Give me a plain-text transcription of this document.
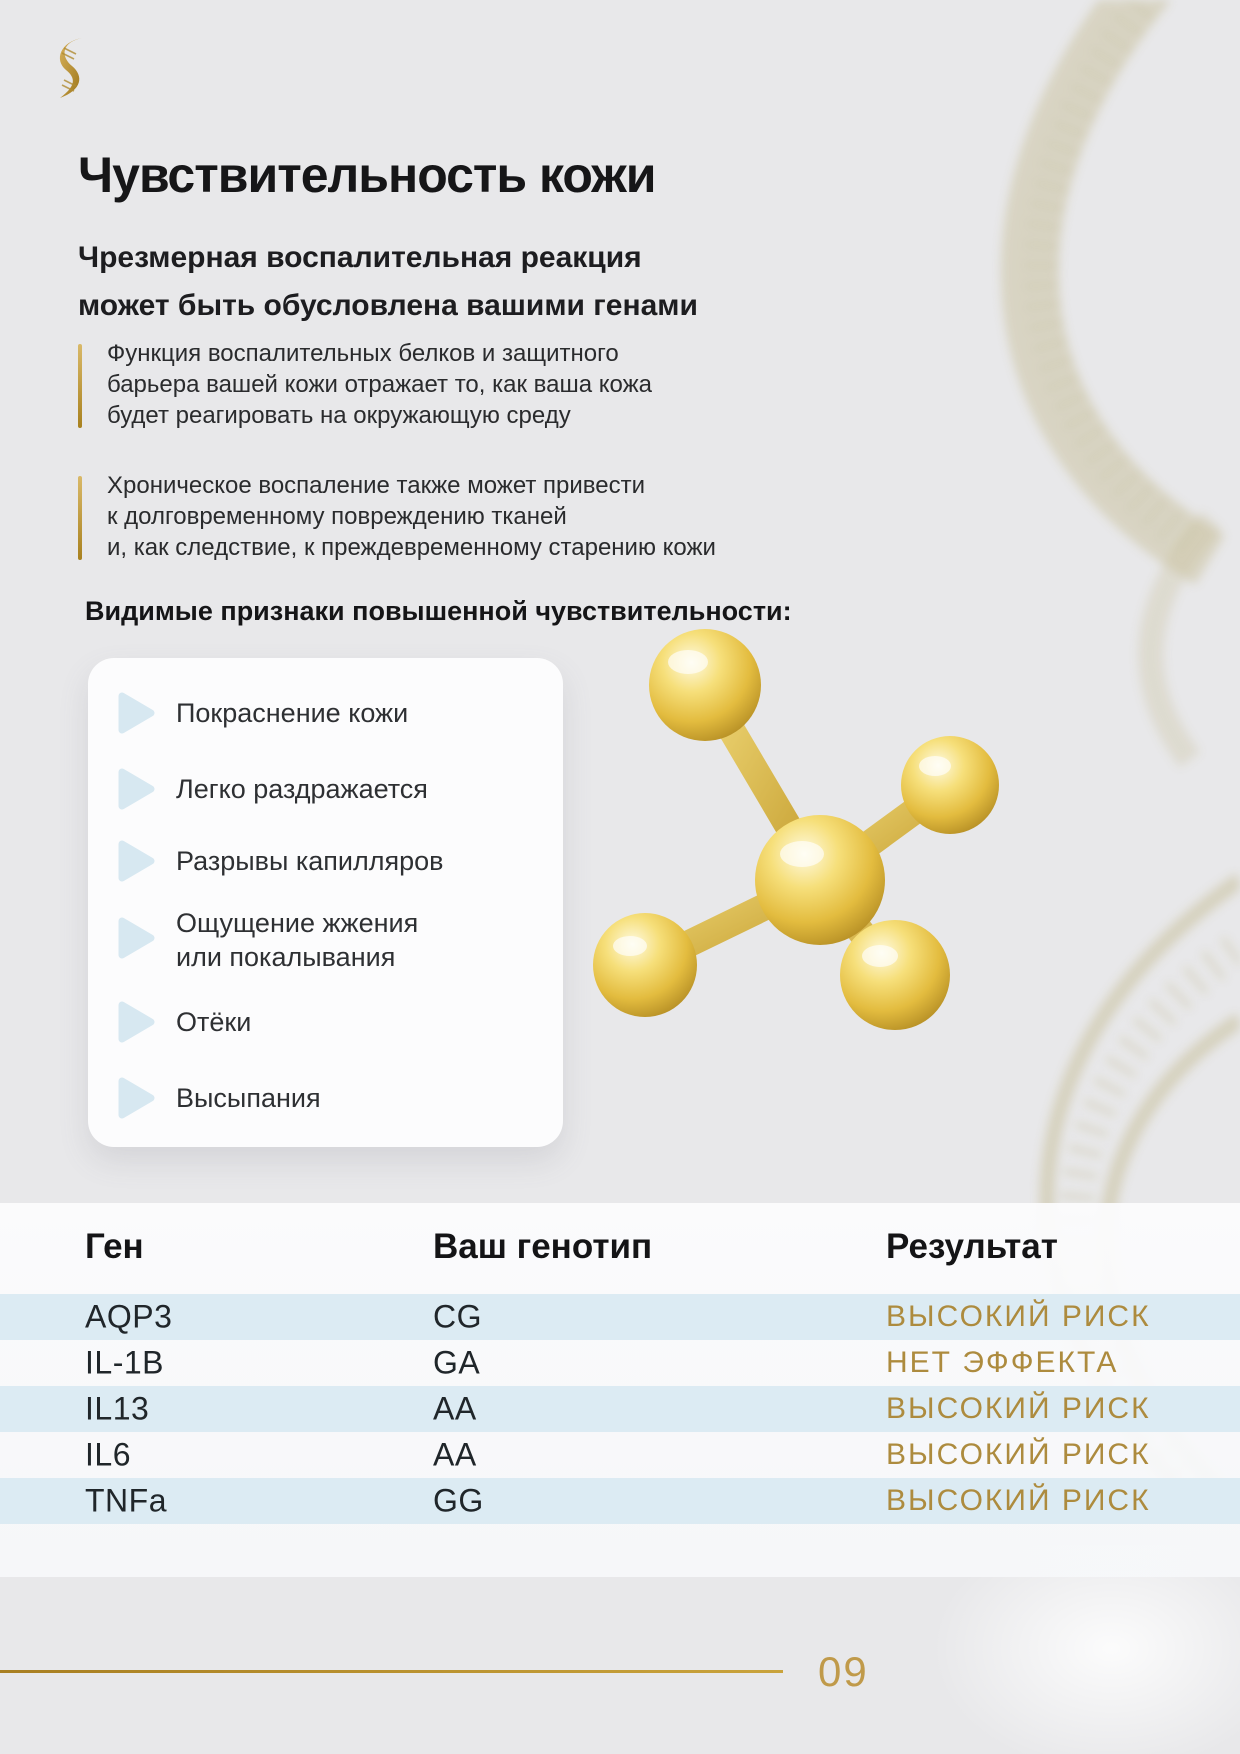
Чувствительность кожи
Чрезмерная воспалительная реакция
может быть обусловлена вашими генами
Функция воспалительных белков и защитного
барьера вашей кожи отражает то, как ваша кожа
будет реагировать на окружающую среду
Хроническое воспаление также может привести
к долговременному повреждению тканей
и, как следствие, к преждевременному старению кожи
Видимые признаки повышенной чувствительности:
Покраснение кожи
Легко раздражается
Разрывы капилляров
Ощущение жжения или покалывания
Отёки
Высыпания
Ген	Ваш генотип	Результат
AQP3	CG	ВЫСОКИЙ РИСК
IL-1B	GA	НЕТ ЭФФЕКТА
IL13	AA	ВЫСОКИЙ РИСК
IL6	AA	ВЫСОКИЙ РИСК
TNFa	GG	ВЫСОКИЙ РИСК
09
